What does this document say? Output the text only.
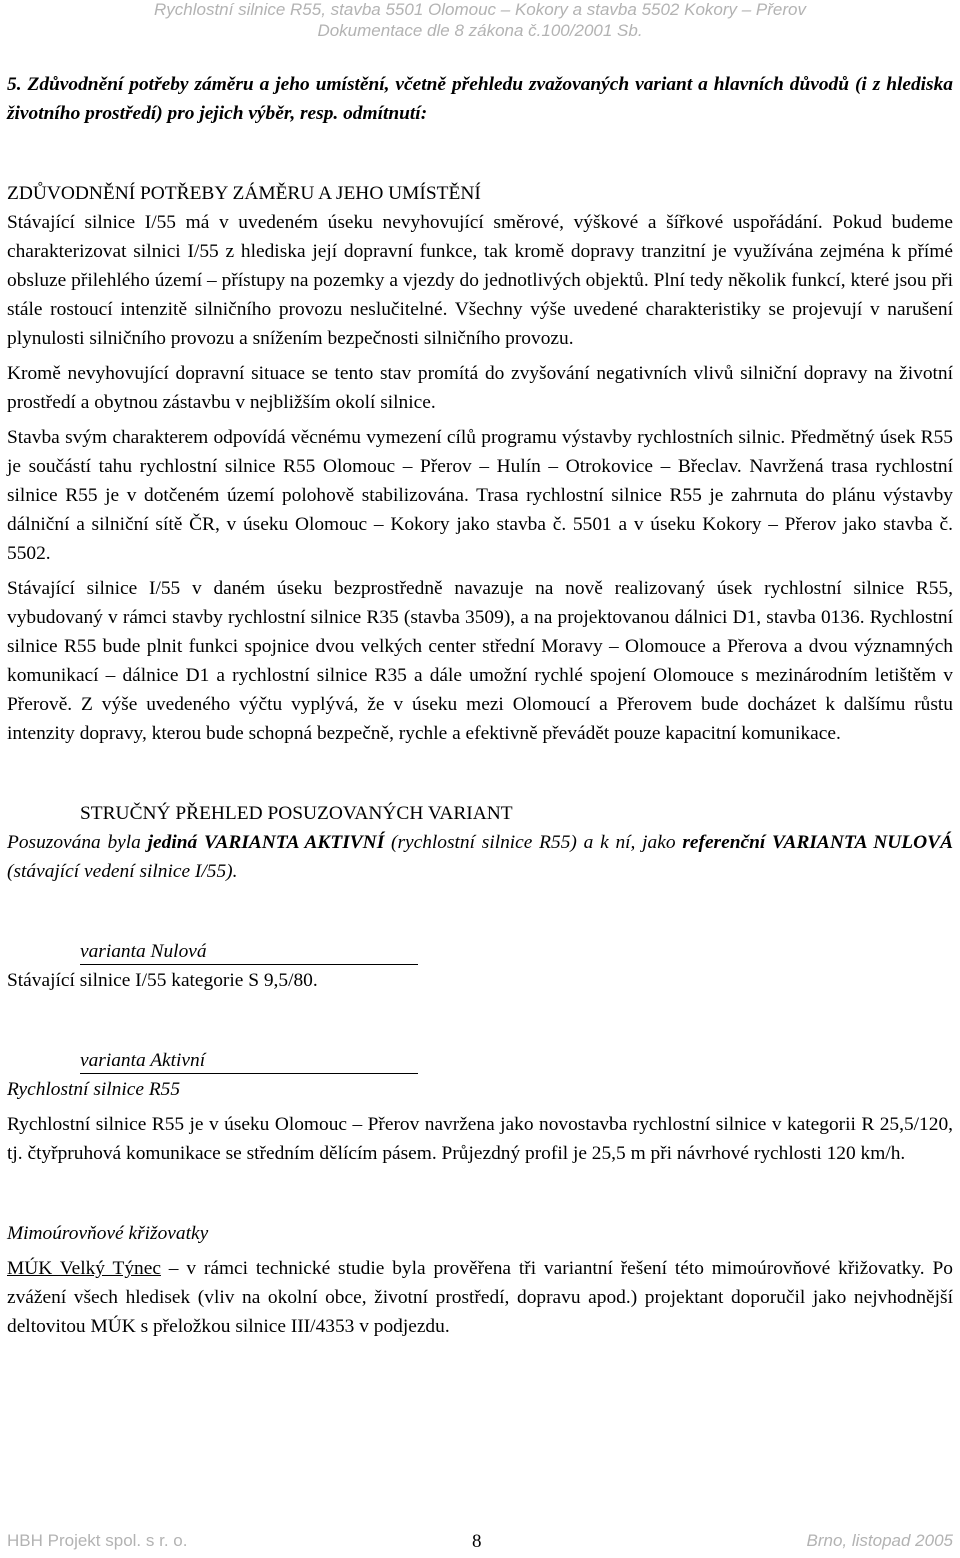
Rychlostní silnice R55, stavba 5501 Olomouc – Kokory a stavba 5502 Kokory – Přerov
Dokumentace dle 8 zákona č.100/2001 Sb.

5. Zdůvodnění potřeby záměru a jeho umístění, včetně přehledu zvažovaných variant a hlavních důvodů (i z hlediska životního prostředí) pro jejich výběr, resp. odmítnutí:

ZDŮVODNĚNÍ POTŘEBY ZÁMĚRU A JEHO UMÍSTĚNÍ

Stávající silnice I/55 má v uvedeném úseku nevyhovující směrové, výškové a šířkové uspořádání. Pokud budeme charakterizovat silnici I/55 z hlediska její dopravní funkce, tak kromě dopravy tranzitní je využívána zejména k přímé obsluze přilehlého území – přístupy na pozemky a vjezdy do jednotlivých objektů. Plní tedy několik funkcí, které jsou při stále rostoucí intenzitě silničního provozu neslučitelné. Všechny výše uvedené charakteristiky se projevují v narušení plynulosti silničního provozu a snížením bezpečnosti silničního provozu.

Kromě nevyhovující dopravní situace se tento stav promítá do zvyšování negativních vlivů silniční dopravy na životní prostředí a obytnou zástavbu v nejbližším okolí silnice.

Stavba svým charakterem odpovídá věcnému vymezení cílů programu výstavby rychlostních silnic. Předmětný úsek R55 je součástí tahu rychlostní silnice R55 Olomouc – Přerov – Hulín – Otrokovice – Břeclav. Navržená trasa rychlostní silnice R55 je v dotčeném území polohově stabilizována. Trasa rychlostní silnice R55 je zahrnuta do plánu výstavby dálniční a silniční sítě ČR, v úseku Olomouc – Kokory jako stavba č. 5501 a v úseku Kokory – Přerov jako stavba č. 5502.

Stávající silnice I/55 v daném úseku bezprostředně navazuje na nově realizovaný úsek rychlostní silnice R55, vybudovaný v rámci stavby rychlostní silnice R35 (stavba 3509), a na projektovanou dálnici D1, stavba 0136. Rychlostní silnice R55 bude plnit funkci spojnice dvou velkých center střední Moravy – Olomouce a Přerova a dvou významných komunikací – dálnice D1 a rychlostní silnice R35 a dále umožní rychlé spojení Olomouce s mezinárodním letištěm v Přerově. Z výše uvedeného výčtu vyplývá, že v úseku mezi Olomoucí a Přerovem bude docházet k dalšímu růstu intenzity dopravy, kterou bude schopná bezpečně, rychle a efektivně převádět pouze kapacitní komunikace.

STRUČNÝ PŘEHLED POSUZOVANÝCH VARIANT

Posuzována byla jediná VARIANTA AKTIVNÍ (rychlostní silnice R55) a k ní, jako referenční VARIANTA NULOVÁ (stávající vedení silnice I/55).

varianta Nulová

Stávající silnice I/55 kategorie S 9,5/80.

varianta Aktivní

Rychlostní silnice R55

Rychlostní silnice R55 je v úseku Olomouc – Přerov navržena jako novostavba rychlostní silnice v kategorii R 25,5/120, tj. čtyřpruhová komunikace se středním dělícím pásem. Průjezdný profil je 25,5 m při návrhové rychlosti 120 km/h.

Mimoúrovňové křižovatky

MÚK Velký Týnec – v rámci technické studie byla prověřena tři variantní řešení této mimoúrovňové křižovatky. Po zvážení všech hledisek (vliv na okolní obce, životní prostředí, dopravu apod.) projektant doporučil jako nejvhodnější deltovitou MÚK s přeložkou silnice III/4353 v podjezdu.

HBH Projekt spol. s r. o.	8	Brno, listopad 2005
